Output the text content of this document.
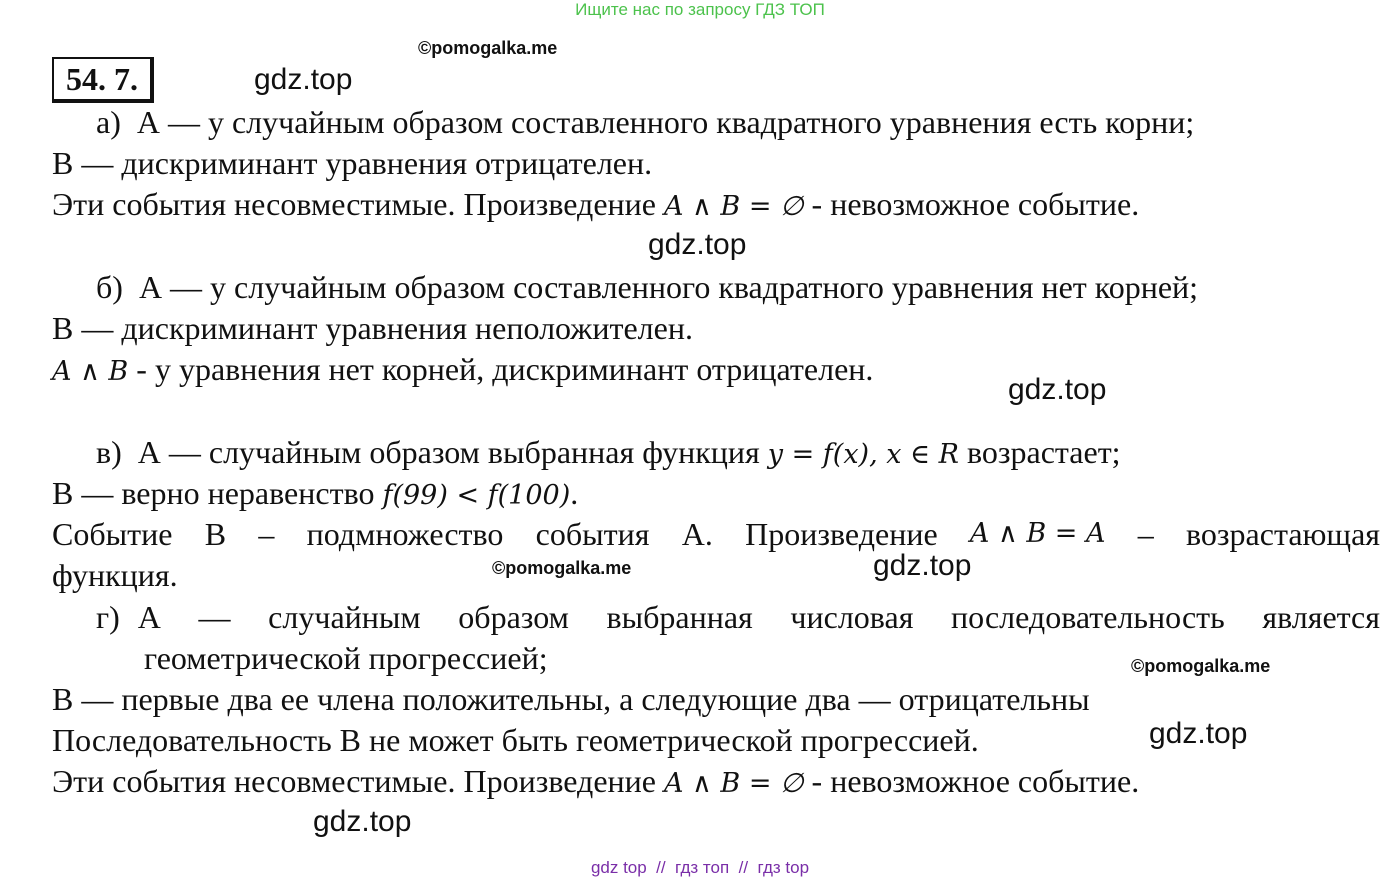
Ищите нас по запросу ГДЗ ТОП
©pomogalka.me
54. 7.	gdz.top
а) А — у случайным образом составленного квадратного уравнения есть корни;
В — дискриминант уравнения отрицателен.
Эти события несовместимые. Произведение A ∧ B = ∅ - невозможное событие.
gdz.top
б) А — у случайным образом составленного квадратного уравнения нет корней;
В — дискриминант уравнения неположителен.
A ∧ B - у уравнения нет корней, дискриминант отрицателен.
gdz.top
в) А — случайным образом выбранная функция y = f(x), x ∈ R возрастает;
В — верно неравенство f(99) < f(100).
Событие В – подмножество события А. Произведение A ∧ B = A – возрастающая
функция.	©pomogalka.me	gdz.top
г) А — случайным образом выбранная числовая последовательность является
геометрической прогрессией;	©pomogalka.me
В — первые два ее члена положительны, а следующие два — отрицательны
Последовательность В не может быть геометрической прогрессией.	gdz.top
Эти события несовместимые. Произведение A ∧ B = ∅ - невозможное событие.
gdz.top
gdz top  //  гдз топ  //  гдз top
